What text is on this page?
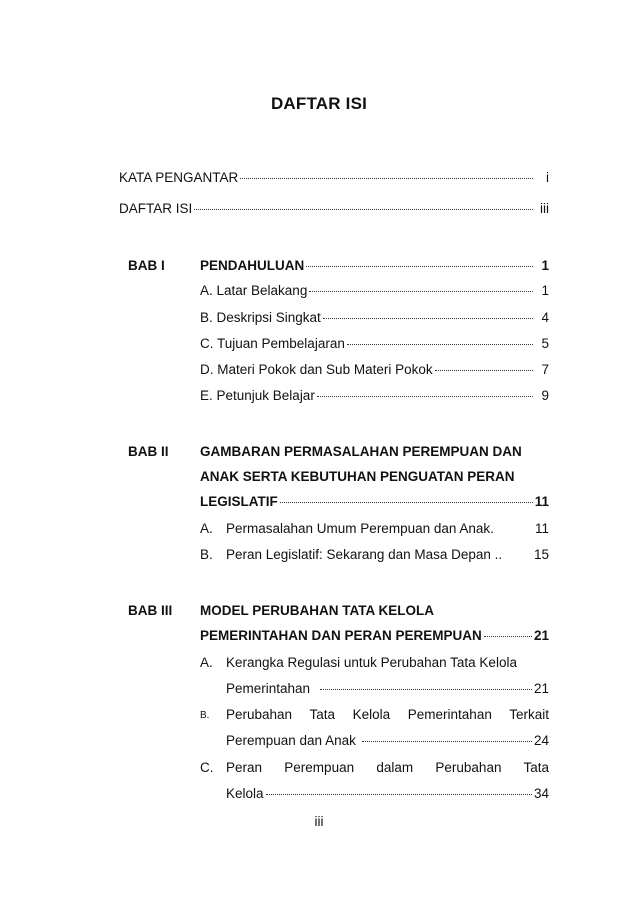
DAFTAR ISI
KATA PENGANTAR	i
DAFTAR ISI	iii
BAB I	PENDAHULUAN	1
A. Latar Belakang	1
B. Deskripsi Singkat	4
C. Tujuan Pembelajaran	5
D. Materi Pokok dan Sub Materi Pokok	7
E. Petunjuk Belajar	9
BAB II GAMBARAN PERMASALAHAN PEREMPUAN DAN
ANAK SERTA KEBUTUHAN PENGUATAN PERAN
LEGISLATIF	11
A. Permasalahan Umum Perempuan dan Anak.	11
B. Peran Legislatif: Sekarang dan Masa Depan .. 15
BAB III MODEL PERUBAHAN TATA KELOLA
PEMERINTAHAN DAN PERAN PEREMPUAN	21
A. Kerangka Regulasi untuk Perubahan Tata Kelola
Pemerintahan	21
B. Perubahan Tata Kelola Pemerintahan Terkait
Perempuan dan Anak	24
C. Peran Perempuan dalam Perubahan Tata
Kelola	34
iii
